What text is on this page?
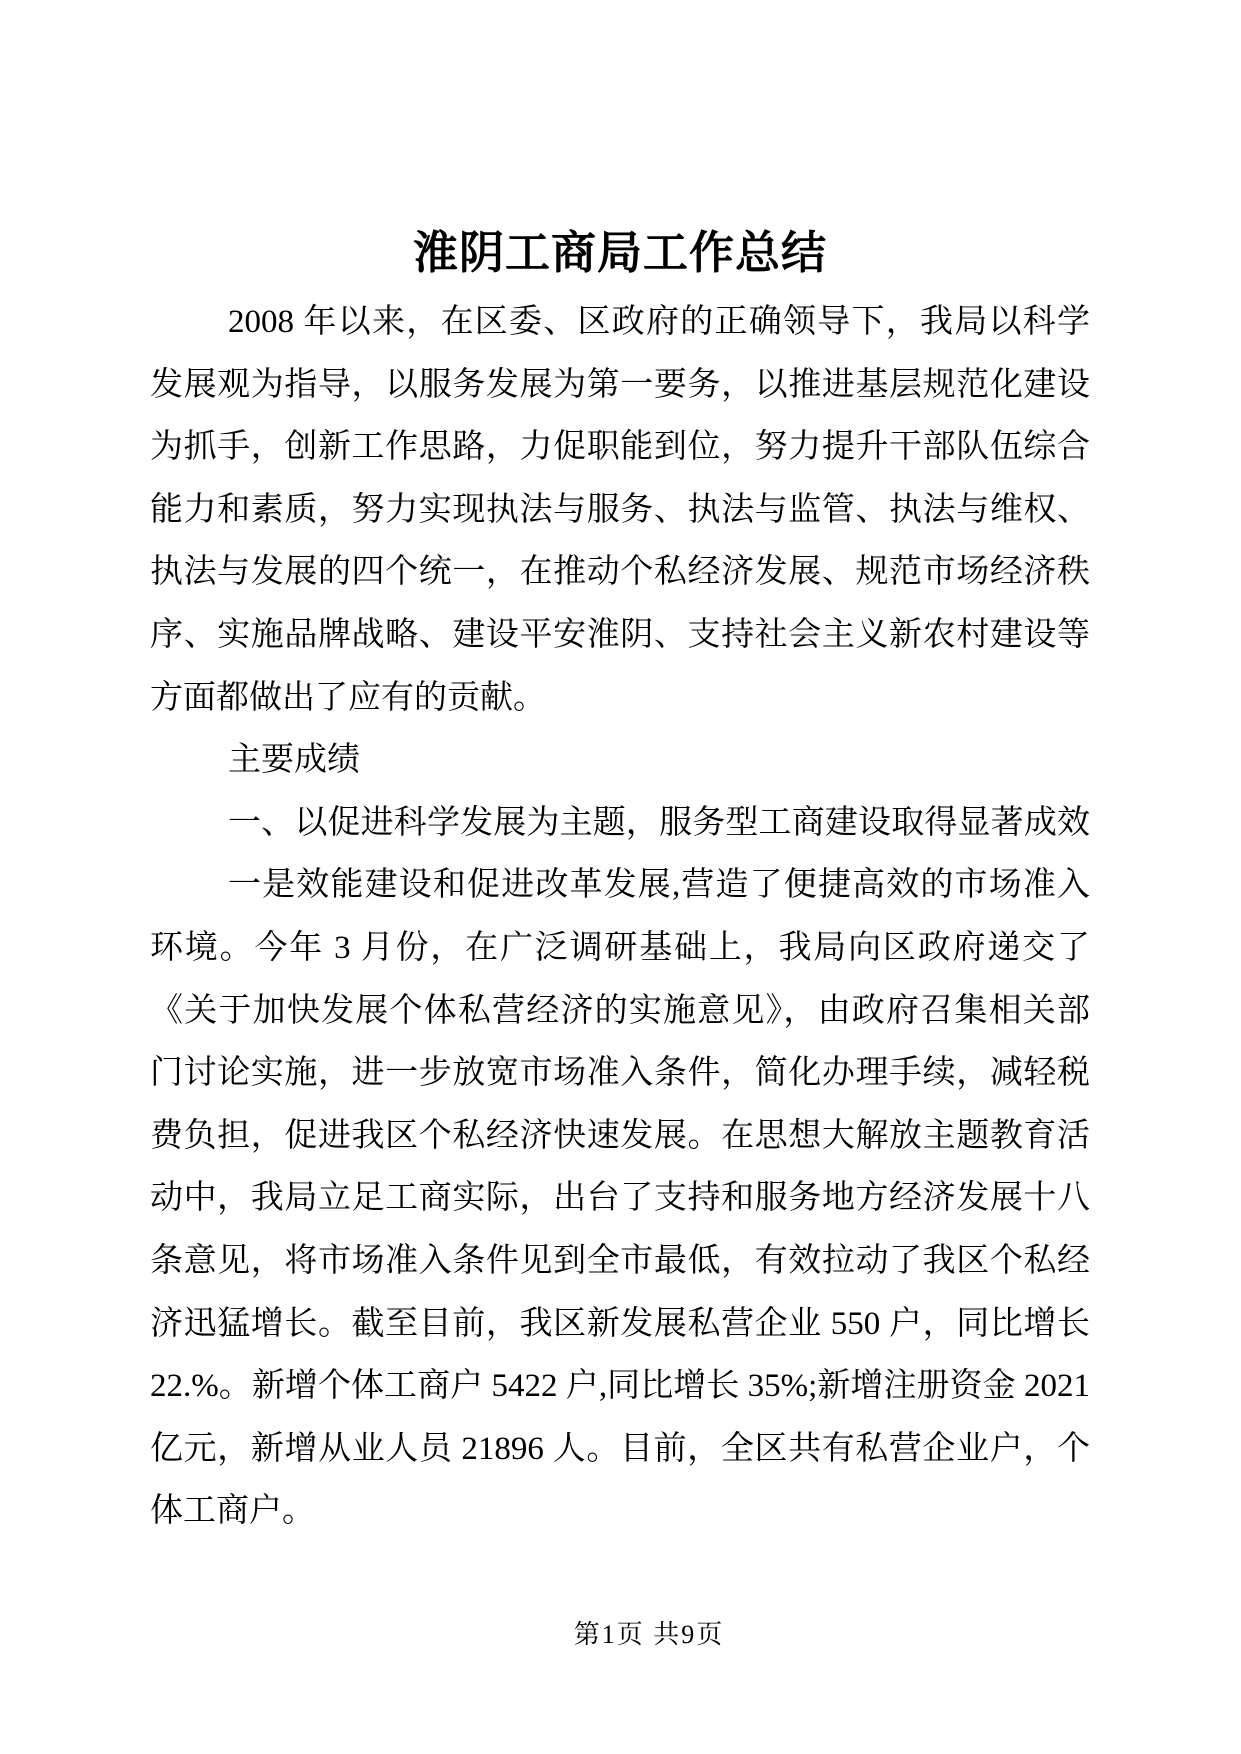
淮阴工商局工作总结
2008 年以来，在区委、区政府的正确领导下，我局以科学
发展观为指导，以服务发展为第一要务，以推进基层规范化建设
为抓手，创新工作思路，力促职能到位，努力提升干部队伍综合
能力和素质，努力实现执法与服务、执法与监管、执法与维权、
执法与发展的四个统一，在推动个私经济发展、规范市场经济秩
序、实施品牌战略、建设平安淮阴、支持社会主义新农村建设等
方面都做出了应有的贡献。
主要成绩
一、以促进科学发展为主题，服务型工商建设取得显著成效
一是效能建设和促进改革发展,营造了便捷高效的市场准入
环境。今年 3 月份，在广泛调研基础上，我局向区政府递交了
《关于加快发展个体私营经济的实施意见》，由政府召集相关部
门讨论实施，进一步放宽市场准入条件，简化办理手续，减轻税
费负担，促进我区个私经济快速发展。在思想大解放主题教育活
动中，我局立足工商实际，出台了支持和服务地方经济发展十八
条意见，将市场准入条件见到全市最低，有效拉动了我区个私经
济迅猛增长。截至目前，我区新发展私营企业 550 户，同比增长
22.%。新增个体工商户 5422 户,同比增长 35%;新增注册资金 2021
亿元，新增从业人员 21896 人。目前，全区共有私营企业户，个
体工商户。
第1页 共9页
